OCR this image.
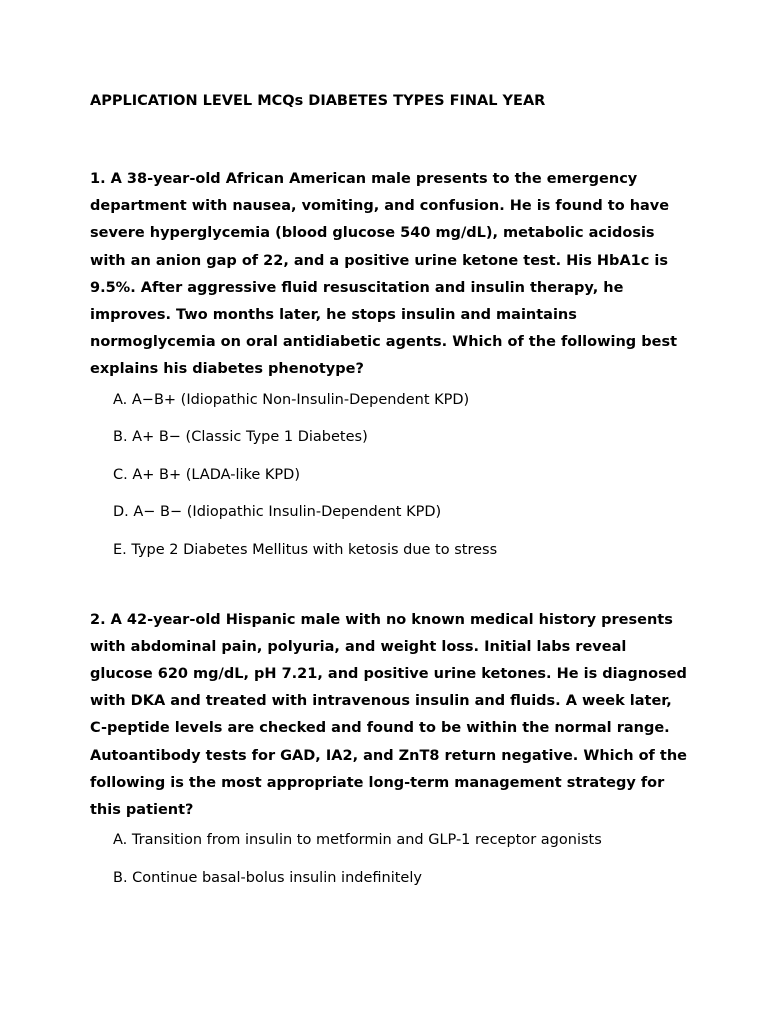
APPLICATION LEVEL MCQs DIABETES TYPES FINAL YEAR

1. A 38-year-old African American male presents to the emergency department with nausea, vomiting, and confusion. He is found to have severe hyperglycemia (blood glucose 540 mg/dL), metabolic acidosis with an anion gap of 22, and a positive urine ketone test. His HbA1c is 9.5%. After aggressive fluid resuscitation and insulin therapy, he improves. Two months later, he stops insulin and maintains normoglycemia on oral antidiabetic agents. Which of the following best explains his diabetes phenotype?

A. A−B+ (Idiopathic Non-Insulin-Dependent KPD)
B. A+ B− (Classic Type 1 Diabetes)
C. A+ B+ (LADA-like KPD)
D. A− B− (Idiopathic Insulin-Dependent KPD)
E. Type 2 Diabetes Mellitus with ketosis due to stress

2. A 42-year-old Hispanic male with no known medical history presents with abdominal pain, polyuria, and weight loss. Initial labs reveal glucose 620 mg/dL, pH 7.21, and positive urine ketones. He is diagnosed with DKA and treated with intravenous insulin and fluids. A week later, C-peptide levels are checked and found to be within the normal range. Autoantibody tests for GAD, IA2, and ZnT8 return negative. Which of the following is the most appropriate long-term management strategy for this patient?

A. Transition from insulin to metformin and GLP-1 receptor agonists
B. Continue basal-bolus insulin indefinitely
